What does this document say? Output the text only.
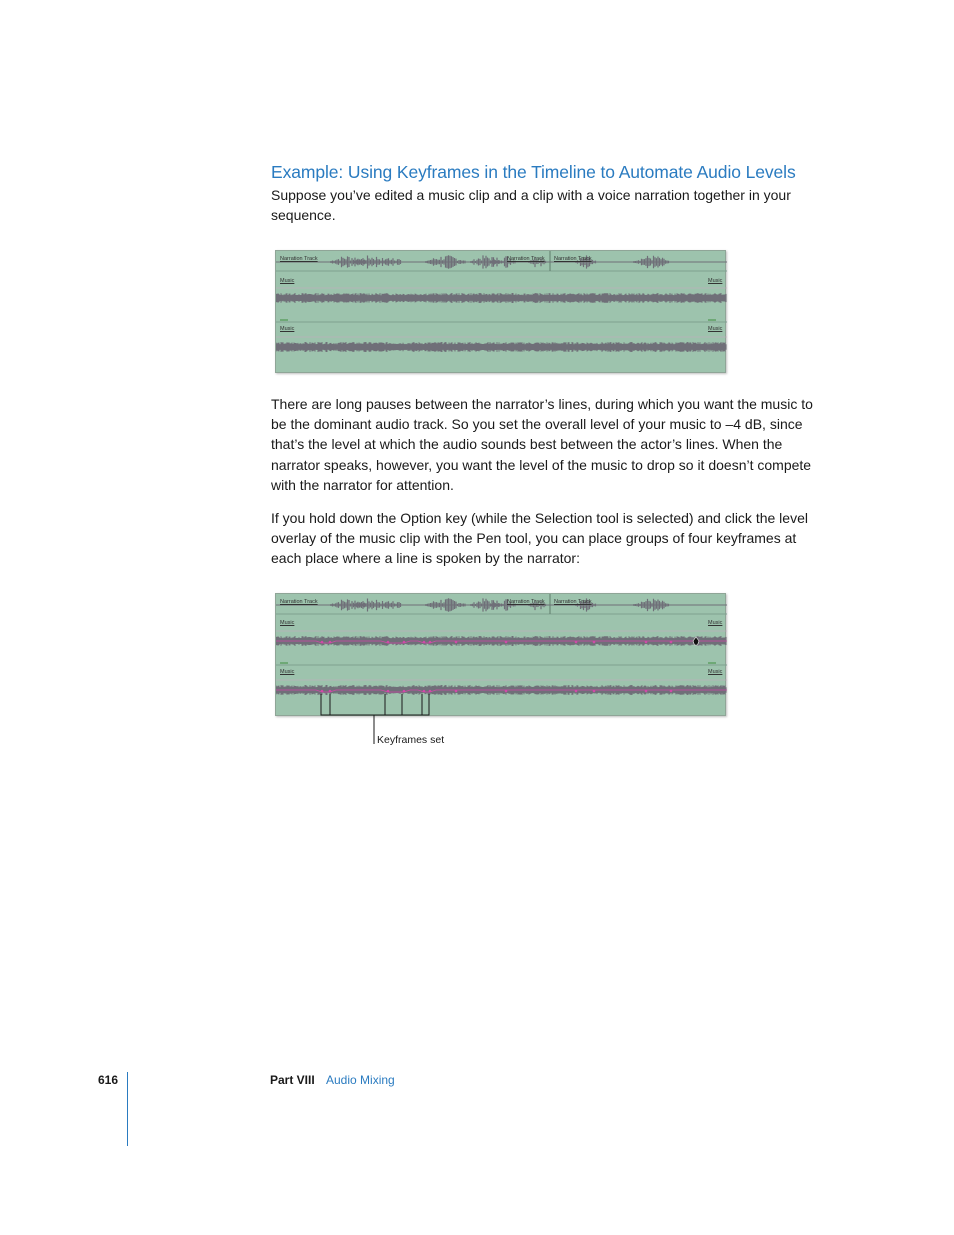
Example: Using Keyframes in the Timeline to Automate Audio Levels

Suppose you’ve edited a music clip and a clip with a voice narration together in your sequence.

Narration Track	Narration Track Narration Track
Music	Music
Music	Music

There are long pauses between the narrator’s lines, during which you want the music to be the dominant audio track. So you set the overall level of your music to –4 dB, since that’s the level at which the audio sounds best between the actor’s lines. When the narrator speaks, however, you want the level of the music to drop so it doesn’t compete with the narrator for attention.

If you hold down the Option key (while the Selection tool is selected) and click the level overlay of the music clip with the Pen tool, you can place groups of four keyframes at each place where a line is spoken by the narrator:

Narration Track	Narration Track Narration Track
Music	Music
Music	Music
Keyframes set
616	Part VIII Audio Mixing
